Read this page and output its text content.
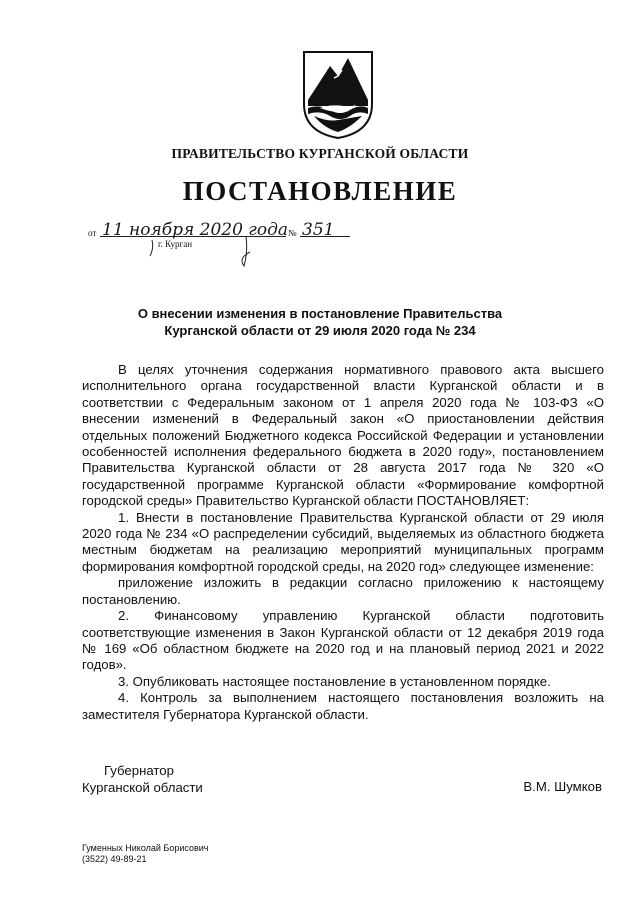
ПРАВИТЕЛЬСТВО КУРГАНСКОЙ ОБЛАСТИ
ПОСТАНОВЛЕНИЕ
от 11 ноября 2020 года № 351
г. Курган
О внесении изменения в постановление Правительства
Курганской области от 29 июля 2020 года № 234

В целях уточнения содержания нормативного правового акта высшего исполнительного органа государственной власти Курганской области и в соответствии с Федеральным законом от 1 апреля 2020 года № 103-ФЗ «О внесении изменений в Федеральный закон «О приостановлении действия отдельных положений Бюджетного кодекса Российской Федерации и установлении особенностей исполнения федерального бюджета в 2020 году», постановлением Правительства Курганской области от 28 августа 2017 года № 320 «О государственной программе Курганской области «Формирование комфортной городской среды» Правительство Курганской области ПОСТАНОВЛЯЕТ:

1. Внести в постановление Правительства Курганской области от 29 июля 2020 года № 234 «О распределении субсидий, выделяемых из областного бюджета местным бюджетам на реализацию мероприятий муниципальных программ формирования комфортной городской среды, на 2020 год» следующее изменение:

приложение изложить в редакции согласно приложению к настоящему постановлению.

2. Финансовому управлению Курганской области подготовить соответствующие изменения в Закон Курганской области от 12 декабря 2019 года № 169 «Об областном бюджете на 2020 год и на плановый период 2021 и 2022 годов».

3. Опубликовать настоящее постановление в установленном порядке.

4. Контроль за выполнением настоящего постановления возложить на заместителя Губернатора Курганской области.

Губернатор
Курганской области	В.М. Шумков
Гуменных Николай Борисович
(3522) 49-89-21
